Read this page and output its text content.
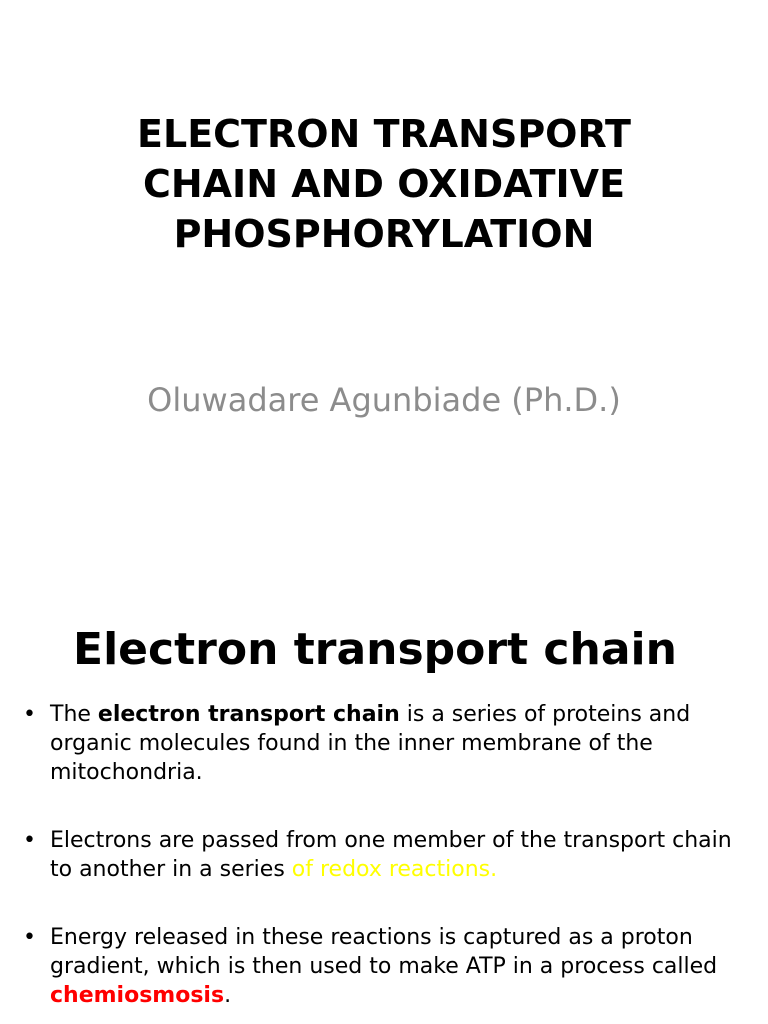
ELECTRON TRANSPORT
CHAIN AND OXIDATIVE
PHOSPHORYLATION

Oluwadare Agunbiade (Ph.D.)

Electron transport chain
• The electron transport chain is a series of proteins and organic molecules found in the inner membrane of the mitochondria.
• Electrons are passed from one member of the transport chain to another in a series of redox reactions.
• Energy released in these reactions is captured as a proton gradient, which is then used to make ATP in a process called chemiosmosis.
